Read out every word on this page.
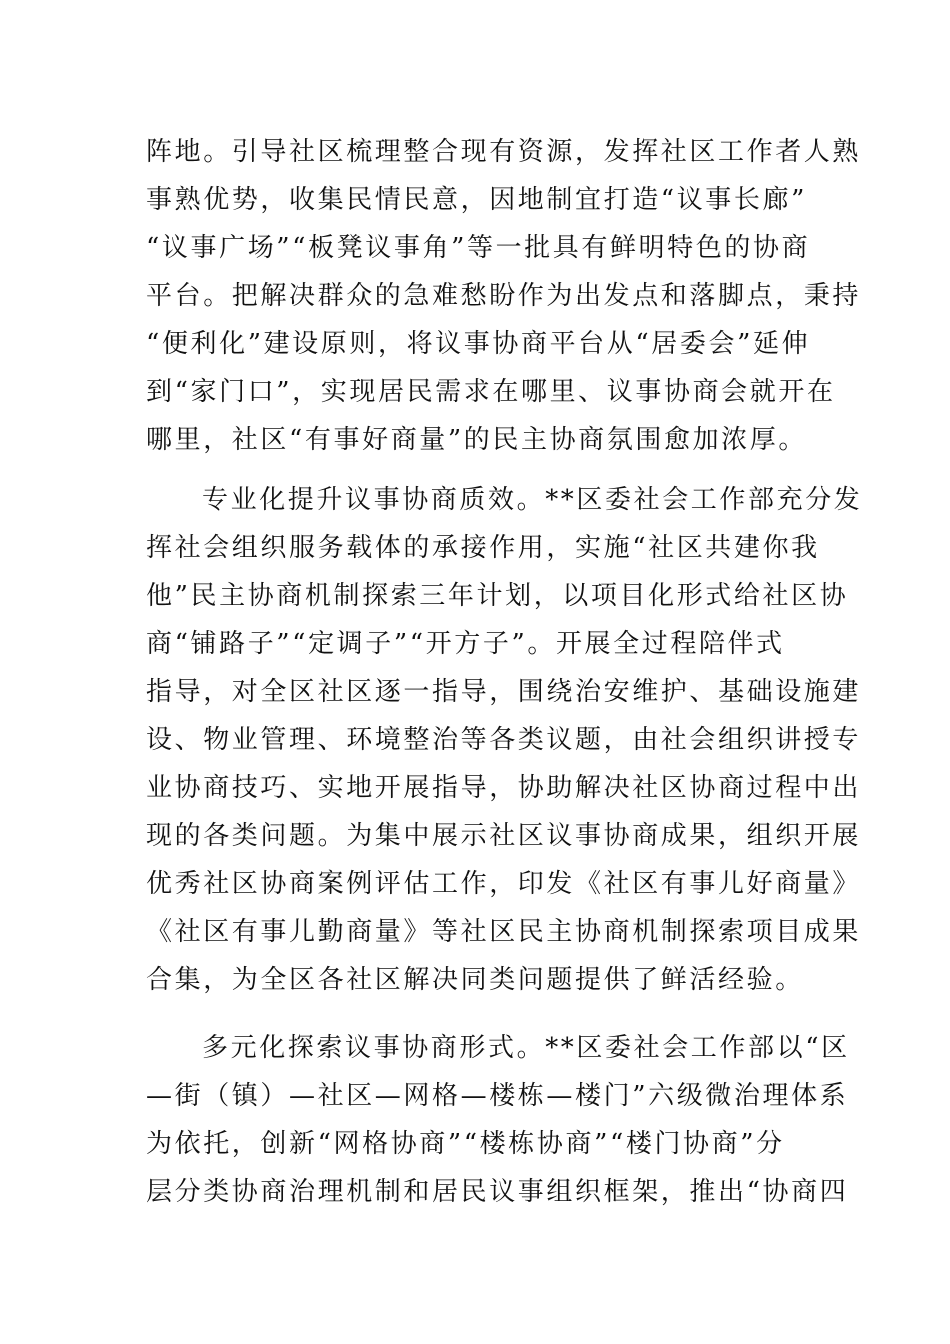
阵地。引导社区梳理整合现有资源，发挥社区工作者人熟
事熟优势，收集民情民意，因地制宜打造“议事长廊”
“议事广场”“板凳议事角”等一批具有鲜明特色的协商
平台。把解决群众的急难愁盼作为出发点和落脚点，秉持
“便利化”建设原则，将议事协商平台从“居委会”延伸
到“家门口”，实现居民需求在哪里、议事协商会就开在
哪里，社区“有事好商量”的民主协商氛围愈加浓厚。
专业化提升议事协商质效。**区委社会工作部充分发
挥社会组织服务载体的承接作用，实施“社区共建你我
他”民主协商机制探索三年计划，以项目化形式给社区协
商“铺路子”“定调子”“开方子”。开展全过程陪伴式
指导，对全区社区逐一指导，围绕治安维护、基础设施建
设、物业管理、环境整治等各类议题，由社会组织讲授专
业协商技巧、实地开展指导，协助解决社区协商过程中出
现的各类问题。为集中展示社区议事协商成果，组织开展
优秀社区协商案例评估工作，印发《社区有事儿好商量》
《社区有事儿勤商量》等社区民主协商机制探索项目成果
合集，为全区各社区解决同类问题提供了鲜活经验。
多元化探索议事协商形式。**区委社会工作部以“区
—街（镇）—社区—网格—楼栋—楼门”六级微治理体系
为依托，创新“网格协商”“楼栋协商”“楼门协商”分
层分类协商治理机制和居民议事组织框架，推出“协商四
